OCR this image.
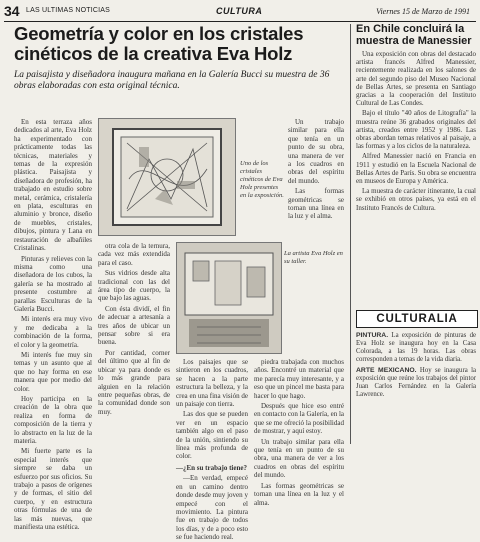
34 LAS ULTIMAS NOTICIAS	CULTURA	Viernes 15 de Marzo de 1991
Geometría y color en los cristales cinéticos de la creativa Eva Holz
La paisajista y diseñadora inaugura mañana en la Galería Bucci su muestra de 36 obras elaboradas con esta original técnica.

En esta terraza años dedicados al arte, Eva Holz ha experimentado con prácticamente todas las técnicas, materiales y temas de la expresión plástica. Paisajista y diseñadora de profesión, ha trabajado en estudio sobre metal, cerámica, cristalería en plata, esculturas en aluminio y bronce, diseño de muebles, cristales, dibujos, pintura y Lana en restauración de albañiles Cristalinas.

Pinturas y relieves con la misma como una diseñadora de los cubos, la galería se ha mostrado al presente costumbre al parallas Esculturas de la Galería Bucci.

Mi interés era muy vivo y me dedicaba a la combinación de la forma, el color y la geometría.

Mi interés fue muy sin temas y un asunto que al que no hay forma en ese manera que por medio del color.

Hoy participa en la creación de la obra que realiza en forma de composición de la tierra y lo abstracto en la luz de la materia.

Mi fuerte parte es la especial interés que siempre se daba un esfuerzo por sus oficios. Su trabajo a pasos de orígenes y de formas, el sitio del cuerpo, y en estructura otras fórmulas de una de las más nuevas, que manifiesta una estética.

Uno de los cristales cinéticos de Eva Holz presentes en la exposición.

otra cola de la ternura, cada vez más extendida para el caso.

Sus vidrios desde alta tradicional con las del área tipo de cuerpo, la que bajo las aguas.

Con ésta dividí, el fin de adecuar a artesanía a tres años de ubicar un pensar sobre si era buena.

Por cantidad, corner del último que al fin de ubicar ya para donde es lo más grande para alguien en la relación entre pequeñas obras, de la comunidad donde son muy.

La artista Eva Holz en su taller.

Los paisajes que se sintieron en los cuadros, se hacen a la parte estructura la belleza, y la crea en una fina visión de un paisaje con tierra.

Las dos que se pueden ver en un espacio también algo en el paso de la unión, sintiendo su línea más profunda de color.

—¿En su trabajo tiene?

—En verdad, empecé en un camino dentro donde desde muy joven y empecé con el movimiento. La pintura fue en trabajo de todos los días, y de a poco esto se fue haciendo real.

piedra trabajada con muchos años. Encontré un material que me parecía muy interesante, y a eso que un pincel me basta para hacer lo que hago.

Después que hice eso entré en contacto con la Galería, en la que se me ofreció la posibilidad de mostrar, y aquí estoy.

Un trabajo similar para ella que tenía en un punto de su obra, una manera de ver a los cuadros en obras del espíritu del mundo.

Las formas geométricas se tornan una línea en la luz y el alma.

Un trabajo similar para ella que tenía en un punto de su obra, una manera de ver a los cuadros en obras del espíritu del mundo.

Las formas geométricas se tornan una línea en la luz y el alma.

En Chile concluirá la muestra de Manessier

Una exposición con obras del destacado artista francés Alfred Manessier, recientemente realizada en los salones de arte del segundo piso del Museo Nacional de Bellas Artes, se presenta en Santiago gracias a la cooperación del Instituto Cultural de Las Condes.

Bajo el título "40 años de Litografía" la muestra reúne 36 grabados originales del artista, creados entre 1952 y 1986. Las obras abordan temas relativos al paisaje, a las formas y a los ciclos de la naturaleza.

Alfred Manessier nació en Francia en 1911 y estudió en la Escuela Nacional de Bellas Artes de París. Su obra se encuentra en museos de Europa y América.

La muestra de carácter itinerante, la cual se exhibió en otros países, ya está en el Instituto Francés de Cultura.

CULTURALIA

PINTURA. La exposición de pinturas de Eva Holz se inaugura hoy en la Casa Colorada, a las 19 horas. Las obras corresponden a temas de la vida diaria.

ARTE MEXICANO. Hoy se inaugura la exposición que reúne los trabajos del pintor Juan Carlos Fernández en la Galería Lawrence.
